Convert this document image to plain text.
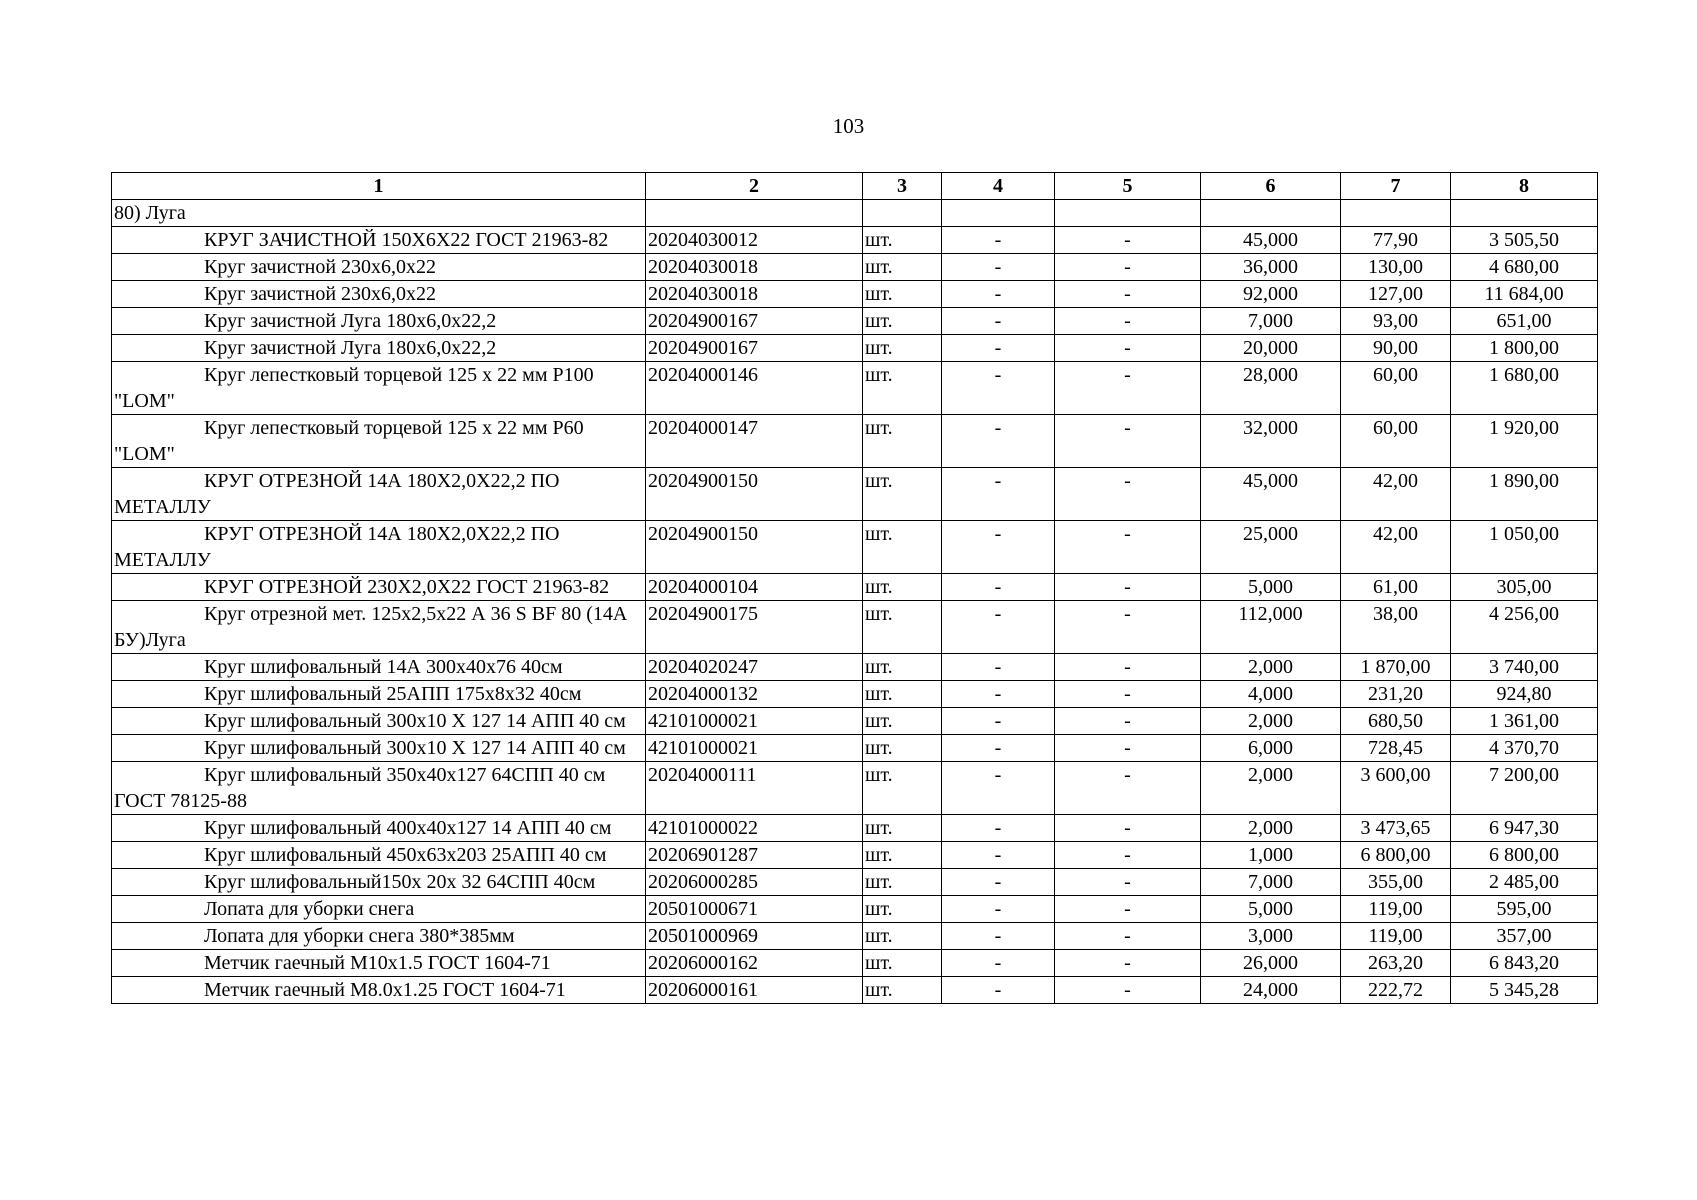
103
1	2	3	4	5	6	7	8
80) Луга							
КРУГ ЗАЧИСТНОЙ 150Х6Х22 ГОСТ 21963-82	20204030012	шт.	-	-	45,000	77,90	3 505,50
Круг зачистной 230х6,0х22	20204030018	шт.	-	-	36,000	130,00	4 680,00
Круг зачистной 230х6,0х22	20204030018	шт.	-	-	92,000	127,00	11 684,00
Круг зачистной Луга 180х6,0х22,2	20204900167	шт.	-	-	7,000	93,00	651,00
Круг зачистной Луга 180х6,0х22,2	20204900167	шт.	-	-	20,000	90,00	1 800,00
Круг лепестковый торцевой 125 х 22 мм Р100 "LOM"	20204000146	шт.	-	-	28,000	60,00	1 680,00
Круг лепестковый торцевой 125 х 22 мм Р60 "LOM"	20204000147	шт.	-	-	32,000	60,00	1 920,00
КРУГ ОТРЕЗНОЙ 14А 180Х2,0Х22,2 ПО МЕТАЛЛУ	20204900150	шт.	-	-	45,000	42,00	1 890,00
КРУГ ОТРЕЗНОЙ 14А 180Х2,0Х22,2 ПО МЕТАЛЛУ	20204900150	шт.	-	-	25,000	42,00	1 050,00
КРУГ ОТРЕЗНОЙ 230Х2,0Х22 ГОСТ 21963-82	20204000104	шт.	-	-	5,000	61,00	305,00
Круг отрезной мет. 125х2,5х22 А 36 S BF 80 (14А БУ)Луга	20204900175	шт.	-	-	112,000	38,00	4 256,00
Круг шлифовальный 14А 300х40х76 40см	20204020247	шт.	-	-	2,000	1 870,00	3 740,00
Круг шлифовальный 25АПП 175х8х32 40см	20204000132	шт.	-	-	4,000	231,20	924,80
Круг шлифовальный 300х10 Х 127 14 АПП 40 см	42101000021	шт.	-	-	2,000	680,50	1 361,00
Круг шлифовальный 300х10 Х 127 14 АПП 40 см	42101000021	шт.	-	-	6,000	728,45	4 370,70
Круг шлифовальный 350х40х127 64СПП 40 см ГОСТ 78125-88	20204000111	шт.	-	-	2,000	3 600,00	7 200,00
Круг шлифовальный 400х40х127 14 АПП 40 см	42101000022	шт.	-	-	2,000	3 473,65	6 947,30
Круг шлифовальный 450х63х203 25АПП 40 см	20206901287	шт.	-	-	1,000	6 800,00	6 800,00
Круг шлифовальный150х 20х 32 64СПП 40см	20206000285	шт.	-	-	7,000	355,00	2 485,00
Лопата для уборки снега	20501000671	шт.	-	-	5,000	119,00	595,00
Лопата для уборки снега 380*385мм	20501000969	шт.	-	-	3,000	119,00	357,00
Метчик гаечный М10х1.5 ГОСТ 1604-71	20206000162	шт.	-	-	26,000	263,20	6 843,20
Метчик гаечный М8.0х1.25 ГОСТ 1604-71	20206000161	шт.	-	-	24,000	222,72	5 345,28
